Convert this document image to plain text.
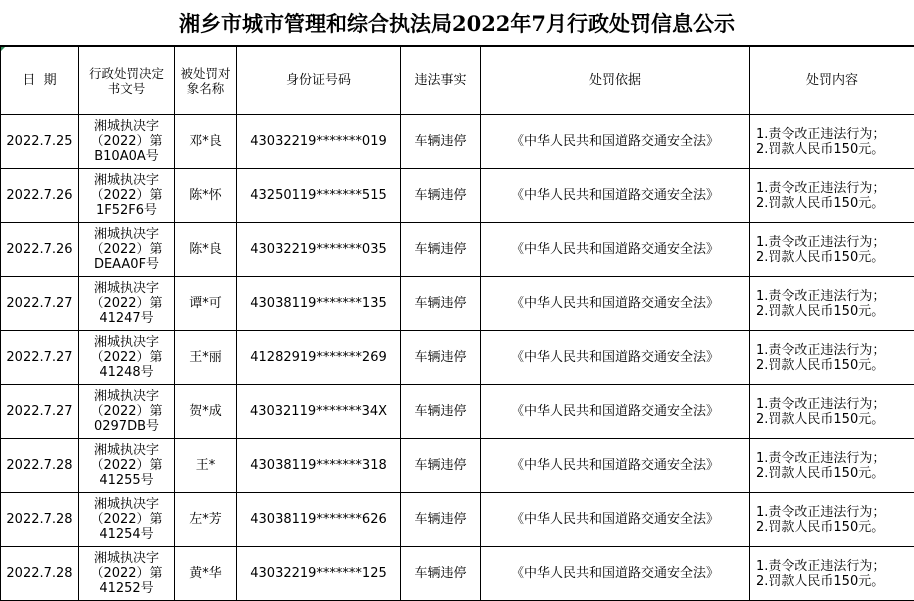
湘乡市城市管理和综合执法局2022年7月行政处罚信息公示
日  期	行政处罚决定书文号	被处罚对象名称	身份证号码	违法事实	处罚依据	处罚内容
2022.7.25	湘城执决字（2022）第B10A0A号	邓*良	43032219*******019	车辆违停	《中华人民共和国道路交通安全法》	1.责令改正违法行为；
2.罚款人民币150元。

2022.7.26	湘城执决字（2022）第1F52F6号	陈*怀	43250119*******515	车辆违停	《中华人民共和国道路交通安全法》	1.责令改正违法行为；
2.罚款人民币150元。

2022.7.26	湘城执决字（2022）第DEAA0F号	陈*良	43032219*******035	车辆违停	《中华人民共和国道路交通安全法》	1.责令改正违法行为；
2.罚款人民币150元。

2022.7.27	湘城执决字（2022）第41247号	谭*可	43038119*******135	车辆违停	《中华人民共和国道路交通安全法》	1.责令改正违法行为；
2.罚款人民币150元。

2022.7.27	湘城执决字（2022）第41248号	王*丽	41282919*******269	车辆违停	《中华人民共和国道路交通安全法》	1.责令改正违法行为；
2.罚款人民币150元。

2022.7.27	湘城执决字（2022）第0297DB号	贺*成	43032119*******34X	车辆违停	《中华人民共和国道路交通安全法》	1.责令改正违法行为；
2.罚款人民币150元。

2022.7.28	湘城执决字（2022）第41255号	王*	43038119*******318	车辆违停	《中华人民共和国道路交通安全法》	1.责令改正违法行为；
2.罚款人民币150元。

2022.7.28	湘城执决字（2022）第41254号	左*芳	43038119*******626	车辆违停	《中华人民共和国道路交通安全法》	1.责令改正违法行为；
2.罚款人民币150元。

2022.7.28	湘城执决字（2022）第41252号	黄*华	43032219*******125	车辆违停	《中华人民共和国道路交通安全法》	1.责令改正违法行为；
2.罚款人民币150元。
